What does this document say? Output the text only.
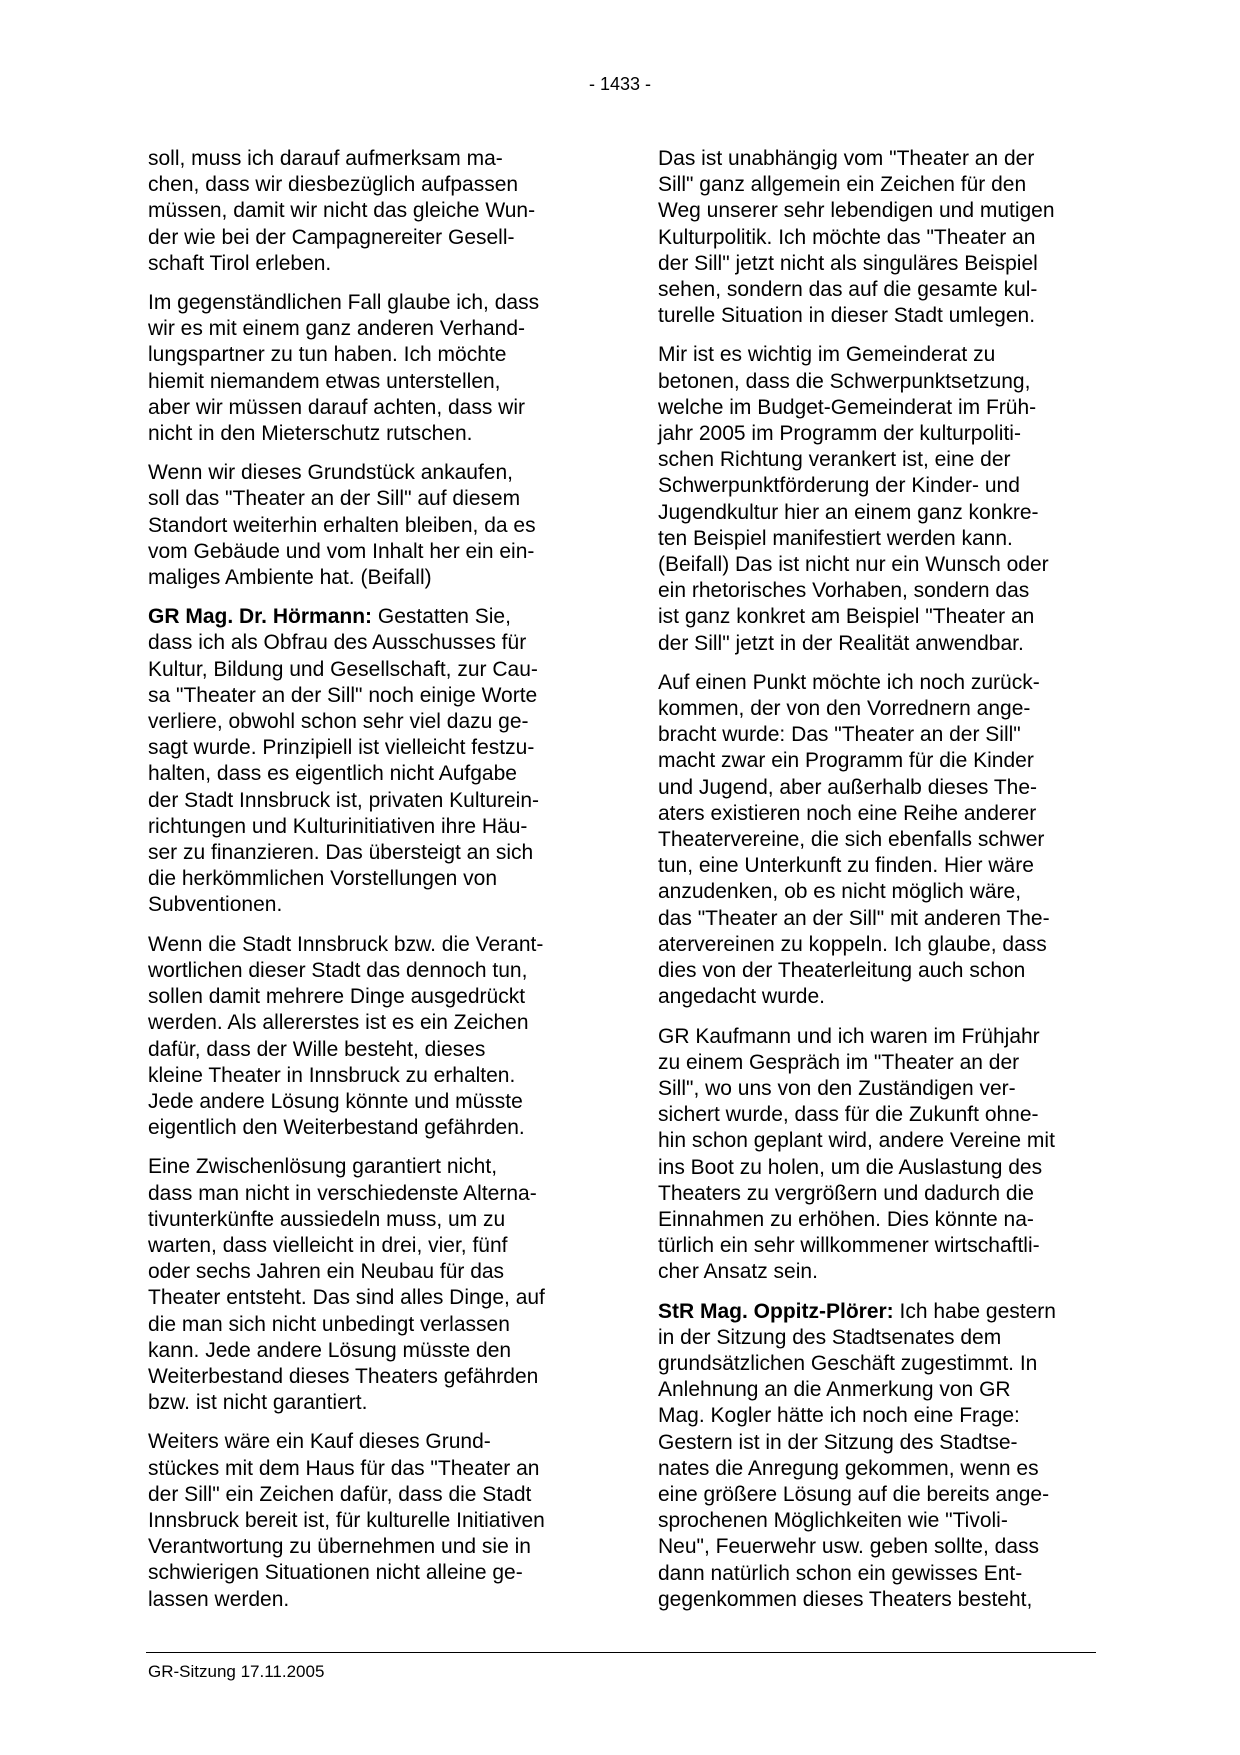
- 1433 -

soll, muss ich darauf aufmerksam ma-
chen, dass wir diesbezüglich aufpassen
müssen, damit wir nicht das gleiche Wun-
der wie bei der Campagnereiter Gesell-
schaft Tirol erleben.

Im gegenständlichen Fall glaube ich, dass
wir es mit einem ganz anderen Verhand-
lungspartner zu tun haben. Ich möchte
hiemit niemandem etwas unterstellen,
aber wir müssen darauf achten, dass wir
nicht in den Mieterschutz rutschen.

Wenn wir dieses Grundstück ankaufen,
soll das "Theater an der Sill" auf diesem
Standort weiterhin erhalten bleiben, da es
vom Gebäude und vom Inhalt her ein ein-
maliges Ambiente hat. (Beifall)

GR Mag. Dr. Hörmann: Gestatten Sie,
dass ich als Obfrau des Ausschusses für
Kultur, Bildung und Gesellschaft, zur Cau-
sa "Theater an der Sill" noch einige Worte
verliere, obwohl schon sehr viel dazu ge-
sagt wurde. Prinzipiell ist vielleicht festzu-
halten, dass es eigentlich nicht Aufgabe
der Stadt Innsbruck ist, privaten Kulturein-
richtungen und Kulturinitiativen ihre Häu-
ser zu finanzieren. Das übersteigt an sich
die herkömmlichen Vorstellungen von
Subventionen.

Wenn die Stadt Innsbruck bzw. die Verant-
wortlichen dieser Stadt das dennoch tun,
sollen damit mehrere Dinge ausgedrückt
werden. Als allererstes ist es ein Zeichen
dafür, dass der Wille besteht, dieses
kleine Theater in Innsbruck zu erhalten.
Jede andere Lösung könnte und müsste
eigentlich den Weiterbestand gefährden.

Eine Zwischenlösung garantiert nicht,
dass man nicht in verschiedenste Alterna-
tivunterkünfte aussiedeln muss, um zu
warten, dass vielleicht in drei, vier, fünf
oder sechs Jahren ein Neubau für das
Theater entsteht. Das sind alles Dinge, auf
die man sich nicht unbedingt verlassen
kann. Jede andere Lösung müsste den
Weiterbestand dieses Theaters gefährden
bzw. ist nicht garantiert.

Weiters wäre ein Kauf dieses Grund-
stückes mit dem Haus für das "Theater an
der Sill" ein Zeichen dafür, dass die Stadt
Innsbruck bereit ist, für kulturelle Initiativen
Verantwortung zu übernehmen und sie in
schwierigen Situationen nicht alleine ge-
lassen werden.

Das ist unabhängig vom "Theater an der
Sill" ganz allgemein ein Zeichen für den
Weg unserer sehr lebendigen und mutigen
Kulturpolitik. Ich möchte das "Theater an
der Sill" jetzt nicht als singuläres Beispiel
sehen, sondern das auf die gesamte kul-
turelle Situation in dieser Stadt umlegen.

Mir ist es wichtig im Gemeinderat zu
betonen, dass die Schwerpunktsetzung,
welche im Budget-Gemeinderat im Früh-
jahr 2005 im Programm der kulturpoliti-
schen Richtung verankert ist, eine der
Schwerpunktförderung der Kinder- und
Jugendkultur hier an einem ganz konkre-
ten Beispiel manifestiert werden kann.
(Beifall) Das ist nicht nur ein Wunsch oder
ein rhetorisches Vorhaben, sondern das
ist ganz konkret am Beispiel "Theater an
der Sill" jetzt in der Realität anwendbar.

Auf einen Punkt möchte ich noch zurück-
kommen, der von den Vorrednern ange-
bracht wurde: Das "Theater an der Sill"
macht zwar ein Programm für die Kinder
und Jugend, aber außerhalb dieses The-
aters existieren noch eine Reihe anderer
Theatervereine, die sich ebenfalls schwer
tun, eine Unterkunft zu finden. Hier wäre
anzudenken, ob es nicht möglich wäre,
das "Theater an der Sill" mit anderen The-
atervereinen zu koppeln. Ich glaube, dass
dies von der Theaterleitung auch schon
angedacht wurde.

GR Kaufmann und ich waren im Frühjahr
zu einem Gespräch im "Theater an der
Sill", wo uns von den Zuständigen ver-
sichert wurde, dass für die Zukunft ohne-
hin schon geplant wird, andere Vereine mit
ins Boot zu holen, um die Auslastung des
Theaters zu vergrößern und dadurch die
Einnahmen zu erhöhen. Dies könnte na-
türlich ein sehr willkommener wirtschaftli-
cher Ansatz sein.

StR Mag. Oppitz-Plörer: Ich habe gestern
in der Sitzung des Stadtsenates dem
grundsätzlichen Geschäft zugestimmt. In
Anlehnung an die Anmerkung von GR
Mag. Kogler hätte ich noch eine Frage:
Gestern ist in der Sitzung des Stadtse-
nates die Anregung gekommen, wenn es
eine größere Lösung auf die bereits ange-
sprochenen Möglichkeiten wie "Tivoli-
Neu", Feuerwehr usw. geben sollte, dass
dann natürlich schon ein gewisses Ent-
gegenkommen dieses Theaters besteht,

GR-Sitzung 17.11.2005
